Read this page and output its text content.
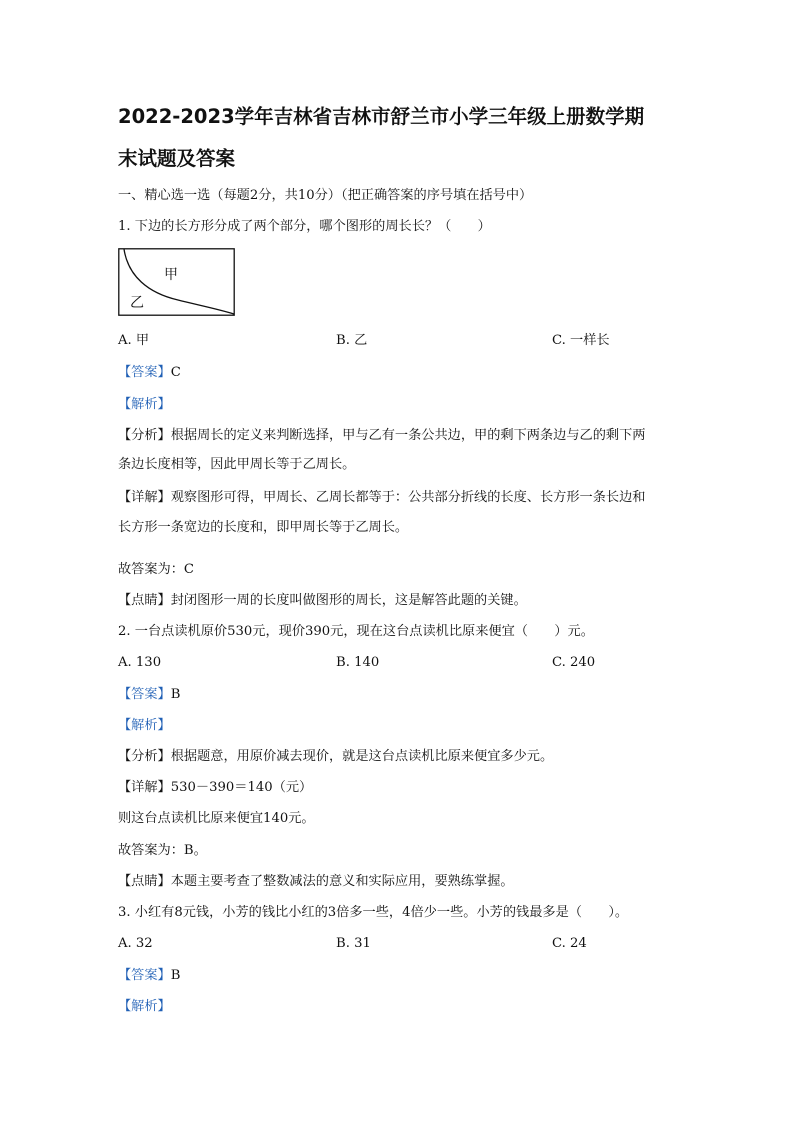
2022-2023学年吉林省吉林市舒兰市小学三年级上册数学期
末试题及答案
一、精心选一选（每题2分，共10分）（把正确答案的序号填在括号中）
1. 下边的长方形分成了两个部分，哪个图形的周长长？（　　）
甲
乙
A. 甲	B. 乙	C. 一样长
【答案】C
【解析】
【分析】根据周长的定义来判断选择，甲与乙有一条公共边，甲的剩下两条边与乙的剩下两
条边长度相等，因此甲周长等于乙周长。
【详解】观察图形可得，甲周长、乙周长都等于：公共部分折线的长度、长方形一条长边和
长方形一条宽边的长度和，即甲周长等于乙周长。
故答案为：C
【点睛】封闭图形一周的长度叫做图形的周长，这是解答此题的关键。
2. 一台点读机原价530元，现价390元，现在这台点读机比原来便宜（　　）元。
A. 130	B. 140	C. 240
【答案】B
【解析】
【分析】根据题意，用原价减去现价，就是这台点读机比原来便宜多少元。
【详解】530－390＝140（元）
则这台点读机比原来便宜140元。
故答案为：B。
【点睛】本题主要考查了整数减法的意义和实际应用，要熟练掌握。
3. 小红有8元钱，小芳的钱比小红的3倍多一些，4倍少一些。小芳的钱最多是（　　）。
A. 32	B. 31	C. 24
【答案】B
【解析】
